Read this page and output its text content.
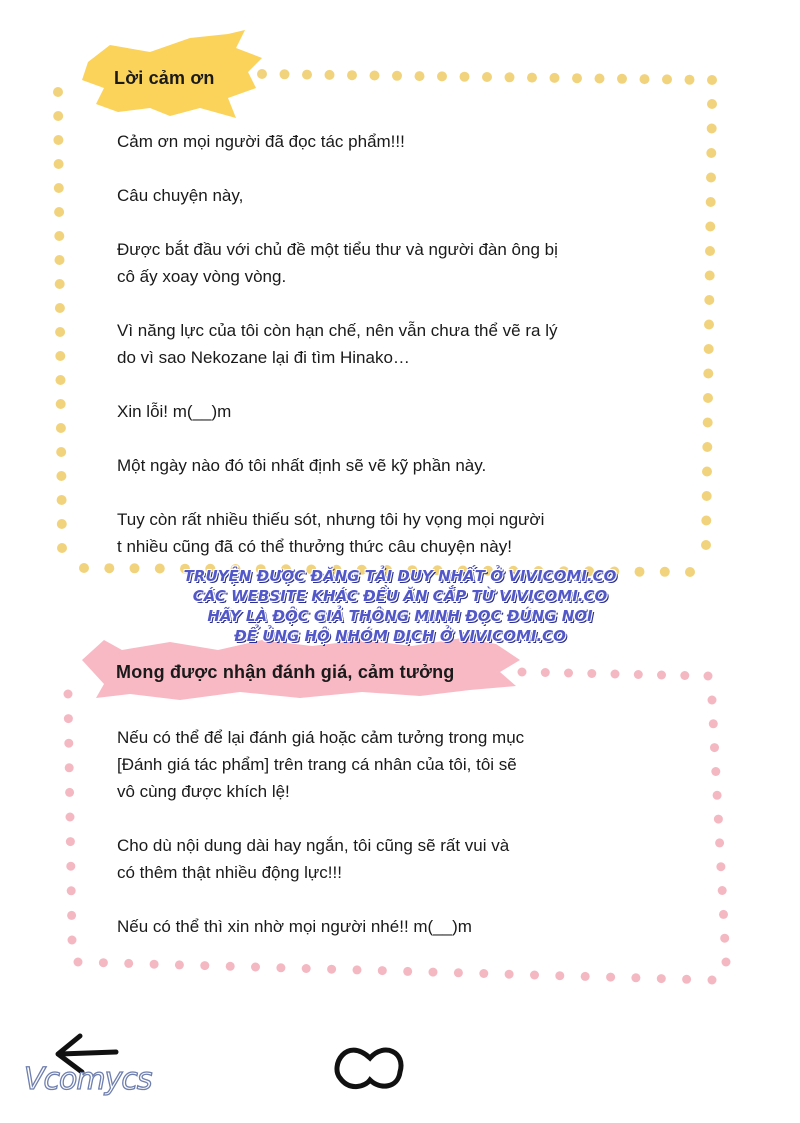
Lời cảm ơn

Cảm ơn mọi người đã đọc tác phẩm!!!

Câu chuyện này,

Được bắt đầu với chủ đề một tiểu thư và người đàn ông bị
cô ấy xoay vòng vòng.

Vì năng lực của tôi còn hạn chế, nên vẫn chưa thể vẽ ra lý
do vì sao Nekozane lại đi tìm Hinako…

Xin lỗi! m(__)m

Một ngày nào đó tôi nhất định sẽ vẽ kỹ phần này.

Tuy còn rất nhiều thiếu sót, nhưng tôi hy vọng mọi người
t nhiều cũng đã có thể thưởng thức câu chuyện này!

TRUYỆN ĐƯỢC ĐĂNG TẢI DUY NHẤT Ở VIVICOMI.CO
CÁC WEBSITE KHÁC ĐỀU ĂN CẮP TỪ VIVICOMI.CO
HÃY LÀ ĐỘC GIẢ THÔNG MINH ĐỌC ĐÚNG NƠI
ĐỂ ỦNG HỘ NHÓM DỊCH Ở VIVICOMI.CO
Mong được nhận đánh giá, cảm tưởng

Nếu có thể để lại đánh giá hoặc cảm tưởng trong mục
[Đánh giá tác phẩm] trên trang cá nhân của tôi, tôi sẽ
vô cùng được khích lệ!

Cho dù nội dung dài hay ngắn, tôi cũng sẽ rất vui và
có thêm thật nhiều động lực!!!

Nếu có thể thì xin nhờ mọi người nhé!! m(__)m

Vcomycs
